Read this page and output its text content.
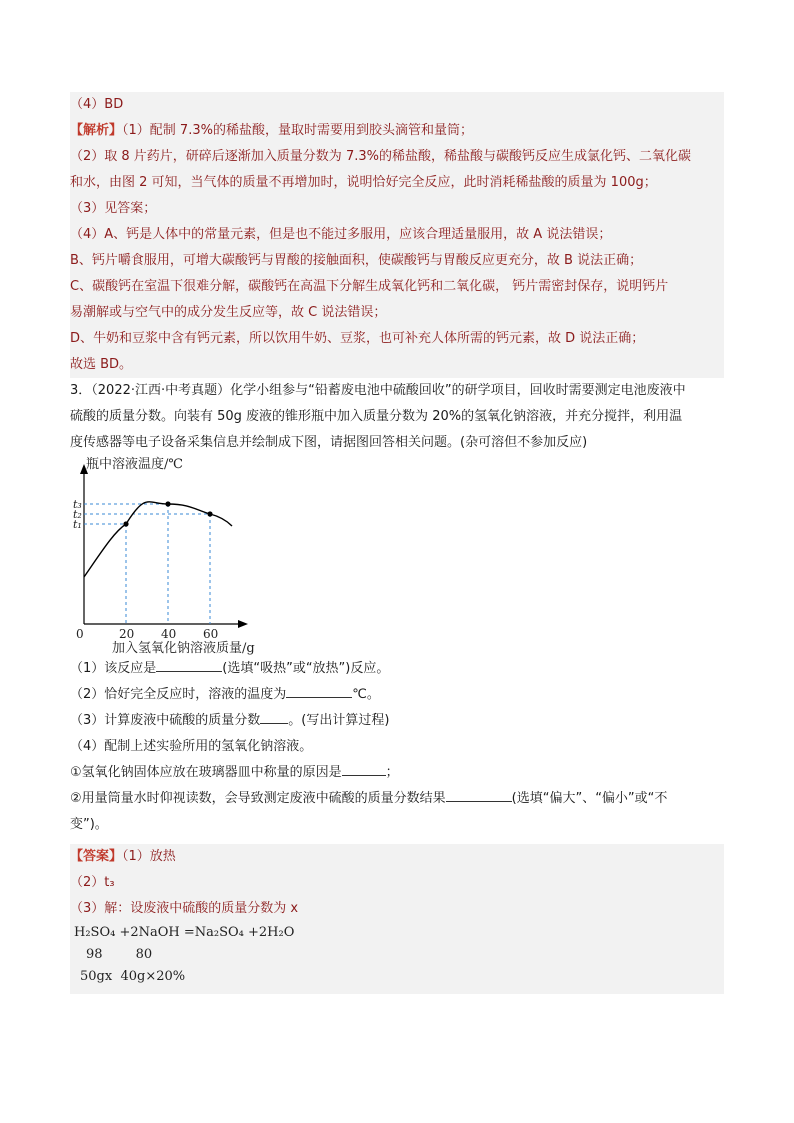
（4）BD
【解析】（1）配制 7.3%的稀盐酸，量取时需要用到胶头滴管和量筒；
（2）取 8 片药片，研碎后逐渐加入质量分数为 7.3%的稀盐酸，稀盐酸与碳酸钙反应生成氯化钙、二氧化碳
和水，由图 2 可知，当气体的质量不再增加时，说明恰好完全反应，此时消耗稀盐酸的质量为 100g；
（3）见答案；
（4）A、钙是人体中的常量元素，但是也不能过多服用，应该合理适量服用，故 A 说法错误；
B、钙片嚼食服用，可增大碳酸钙与胃酸的接触面积，使碳酸钙与胃酸反应更充分，故 B 说法正确；
C、碳酸钙在室温下很难分解，碳酸钙在高温下分解生成氧化钙和二氧化碳， 钙片需密封保存，说明钙片
易潮解或与空气中的成分发生反应等，故 C 说法错误；
D、牛奶和豆浆中含有钙元素，所以饮用牛奶、豆浆，也可补充人体所需的钙元素，故 D 说法正确；
故选 BD。
3．（2022·江西·中考真题）化学小组参与“铅蓄废电池中硫酸回收”的研学项目，回收时需要测定电池废液中
硫酸的质量分数。向装有 50g 废液的锥形瓶中加入质量分数为 20%的氢氧化钠溶液，并充分搅拌，利用温
度传感器等电子设备采集信息并绘制成下图，请据图回答相关问题。(杂可溶但不参加反应)
瓶中溶液温度/℃
加入氢氧化钠溶液质量/g
0
t₁
t₂
t₃
20 40 60
（1）该反应是	(选填“吸热”或“放热”)反应。
（2）恰好完全反应时，溶液的温度为	℃。
（3）计算废液中硫酸的质量分数 。(写出计算过程)
（4）配制上述实验所用的氢氧化钠溶液。
①氢氧化钠固体应放在玻璃器皿中称量的原因是	；
②用量筒量水时仰视读数，会导致测定废液中硫酸的质量分数结果	(选填“偏大”、“偏小”或“不
变”)。
【答案】（1）放热
（2）t₃
（3）解：设废液中硫酸的质量分数为 x
H₂SO₄ +2NaOH =Na₂SO₄ +2H₂O
98        80
50gx  40g×20%
